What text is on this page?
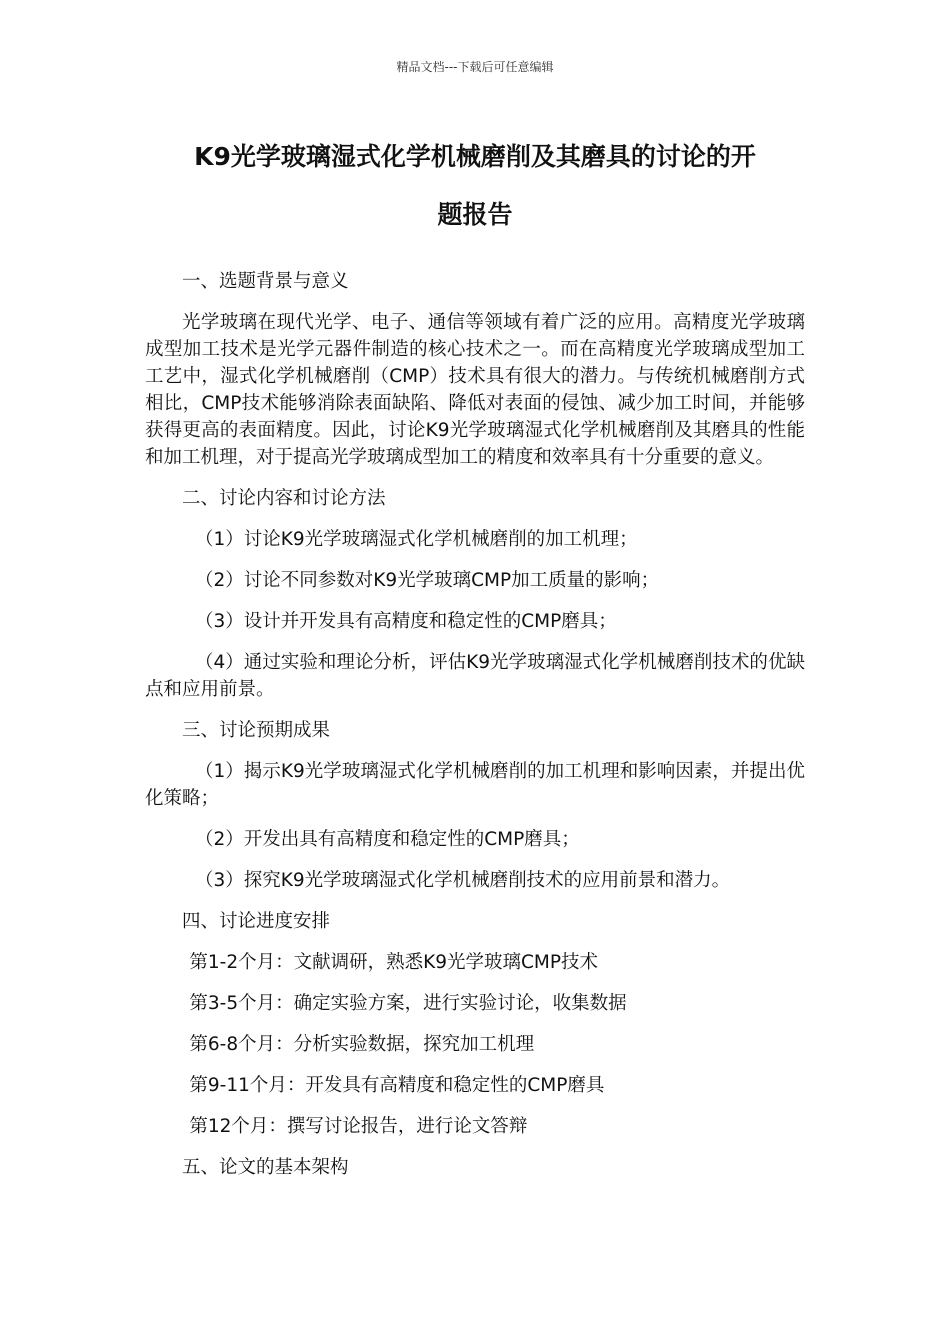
精品文档---下载后可任意编辑
K9光学玻璃湿式化学机械磨削及其磨具的讨论的开
题报告

一、选题背景与意义

光学玻璃在现代光学、电子、通信等领域有着广泛的应用。高精度光学玻璃成型加工技术是光学元器件制造的核心技术之一。而在高精度光学玻璃成型加工工艺中，湿式化学机械磨削（CMP）技术具有很大的潜力。与传统机械磨削方式相比，CMP技术能够消除表面缺陷、降低对表面的侵蚀、减少加工时间，并能够获得更高的表面精度。因此，讨论K9光学玻璃湿式化学机械磨削及其磨具的性能和加工机理，对于提高光学玻璃成型加工的精度和效率具有十分重要的意义。

二、讨论内容和讨论方法

（1）讨论K9光学玻璃湿式化学机械磨削的加工机理；

（2）讨论不同参数对K9光学玻璃CMP加工质量的影响；

（3）设计并开发具有高精度和稳定性的CMP磨具；

（4）通过实验和理论分析，评估K9光学玻璃湿式化学机械磨削技术的优缺点和应用前景。

三、讨论预期成果

（1）揭示K9光学玻璃湿式化学机械磨削的加工机理和影响因素，并提出优化策略；

（2）开发出具有高精度和稳定性的CMP磨具；

（3）探究K9光学玻璃湿式化学机械磨削技术的应用前景和潜力。

四、讨论进度安排

第1-2个月：文献调研，熟悉K9光学玻璃CMP技术

第3-5个月：确定实验方案，进行实验讨论，收集数据

第6-8个月：分析实验数据，探究加工机理

第9-11个月：开发具有高精度和稳定性的CMP磨具

第12个月：撰写讨论报告，进行论文答辩

五、论文的基本架构
